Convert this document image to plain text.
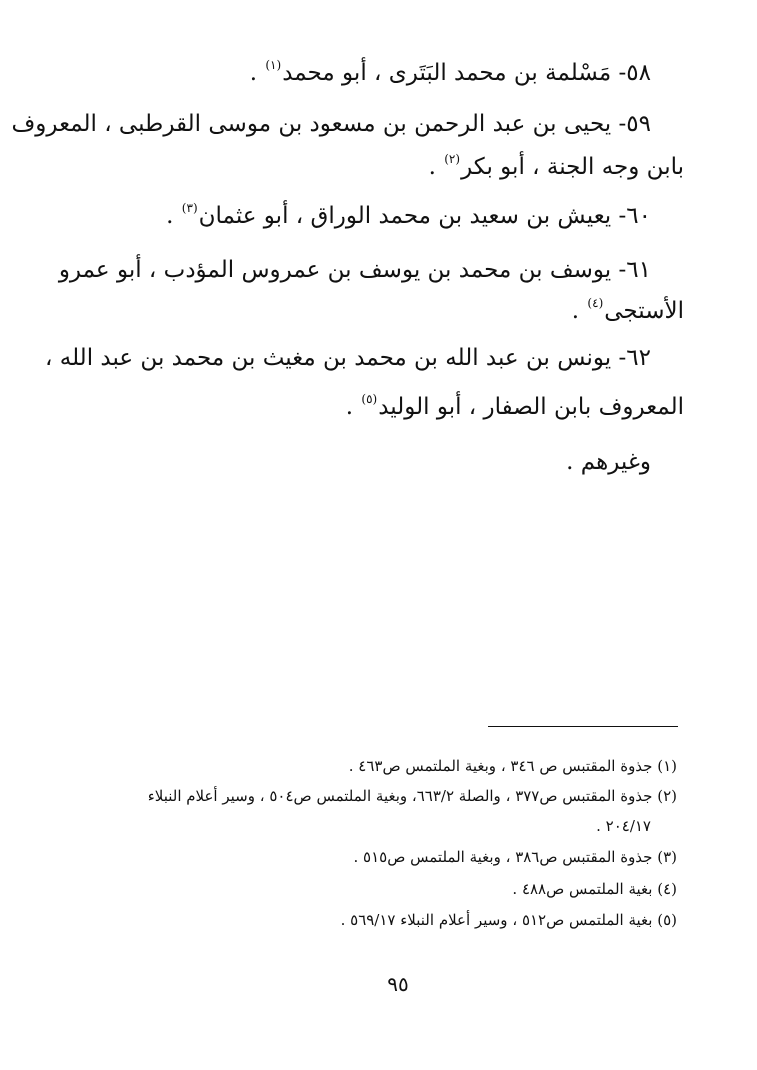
٥٨- مَسْلمة بن محمد البَتَرى ، أبو محمد$^{(١)}$ .
٥٩- يحيى بن عبد الرحمن بن مسعود بن موسى القرطبى ، المعروف
بابن وجه الجنة ، أبو بكر$^{(٢)}$ .
٦٠- يعيش بن سعيد بن محمد الوراق ، أبو عثمان$^{(٣)}$ .
٦١- يوسف بن محمد بن يوسف بن عمروس المؤدب ، أبو عمرو
الأستجى$^{(٤)}$ .
٦٢- يونس بن عبد الله بن محمد بن مغيث بن محمد بن عبد الله ،
المعروف بابن الصفار ، أبو الوليد$^{(٥)}$ .
وغيرهم .
(١) جذوة المقتبس ص ٣٤٦ ، وبغية الملتمس ص٤٦٣ .
(٢) جذوة المقتبس ص٣٧٧ ، والصلة ٦٦٣/٢، وبغية الملتمس ص٥٠٤ ، وسير أعلام النبلاء
٢٠٤/١٧ .
(٣) جذوة المقتبس ص٣٨٦ ، وبغية الملتمس ص٥١٥ .
(٤) بغية الملتمس ص٤٨٨ .
(٥) بغية الملتمس ص٥١٢ ، وسير أعلام النبلاء ٥٦٩/١٧ .
٩٥
